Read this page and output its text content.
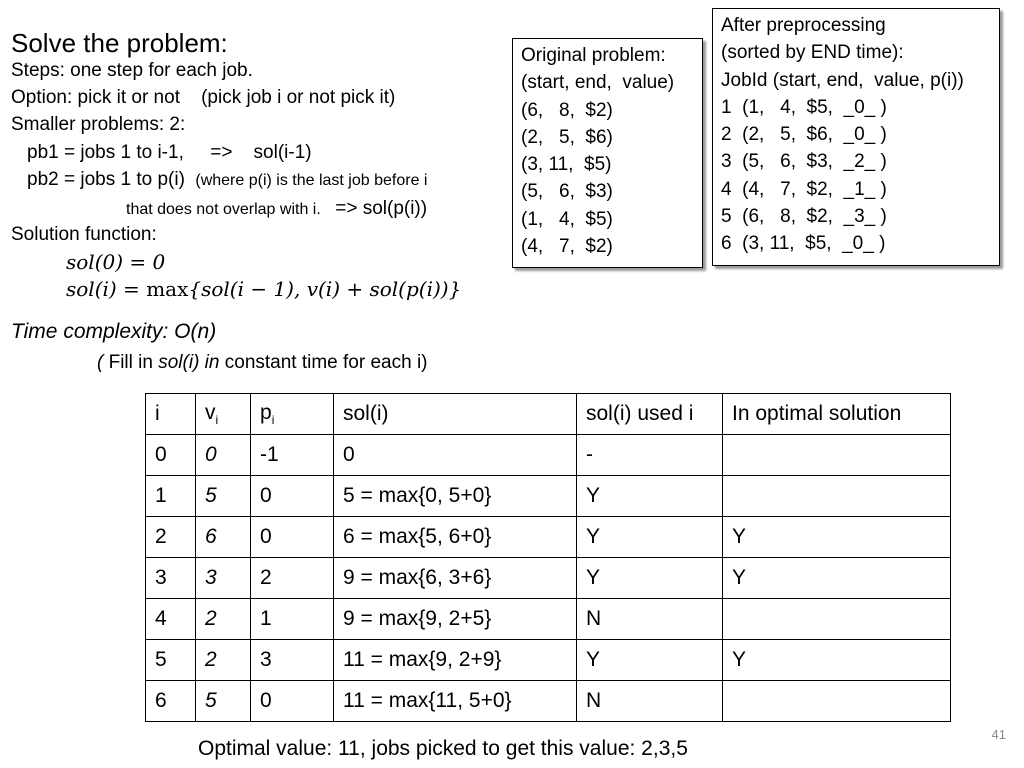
Solve the problem:
Steps: one step for each job.
Option: pick it or not    (pick job i or not pick it)
Smaller problems: 2:
pb1 = jobs 1 to i-1,     =>    sol(i-1)
pb2 = jobs 1 to p(i) (where p(i) is the last job before i
that does not overlap with i. => sol(p(i))
Solution function:
sol(0) = 0
sol(i) = max{sol(i − 1), v(i) + sol(p(i))}
Time complexity: O(n)
( Fill in sol(i) in constant time for each i)
Original problem:
(start, end,  value)
(6,   8,  $2)
(2,   5,  $6)
(3, 11,  $5)
(5,   6,  $3)
(1,   4,  $5)
(4,   7,  $2)
After preprocessing
(sorted by END time):
JobId (start, end,  value, p(i))
1  (1,   4,  $5,  _0_ )
2  (2,   5,  $6,  _0_ )
3  (5,   6,  $3,  _2_ )
4  (4,   7,  $2,  _1_ )
5  (6,   8,  $2,  _3_ )
6  (3, 11,  $5,  _0_ )
i	$v_i$	$p_i$	sol(i)	sol(i) used i	In optimal solution
0	0	-1	0	-	
1	5	0	5 = max{0, 5+0}	Y	
2	6	0	6 = max{5, 6+0}	Y	Y
3	3	2	9 = max{6, 3+6}	Y	Y
4	2	1	9 = max{9, 2+5}	N	
5	2	3	11 = max{9, 2+9}	Y	Y
6	5	0	11 = max{11, 5+0}	N	
Optimal value: 11, jobs picked to get this value: 2,3,5
41
